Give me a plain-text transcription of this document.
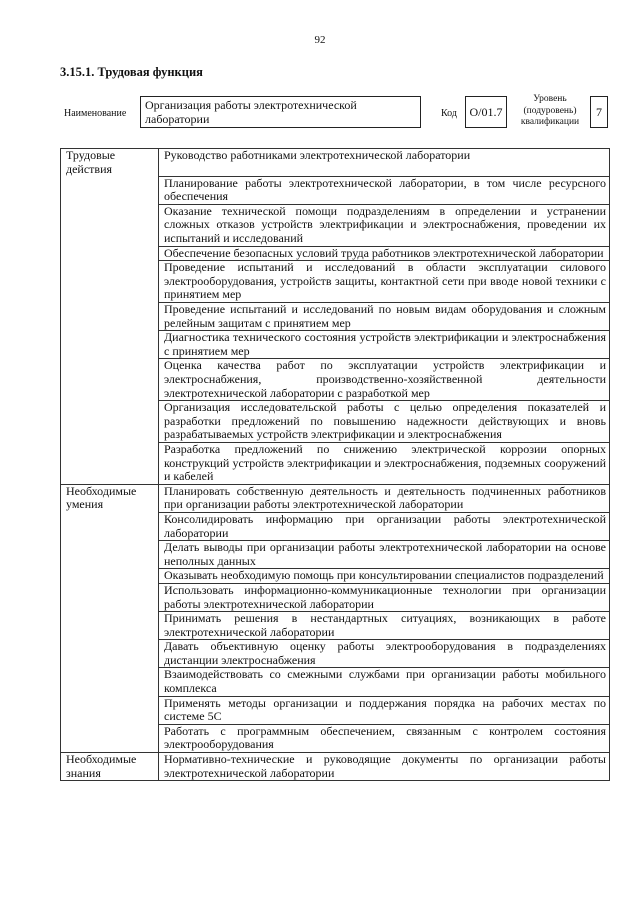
92
3.15.1. Трудовая функция
Наименование
Организация работы электротехнической лаборатории	Код	О/01.7
Уровень (подуровень) квалификации
7
Трудовые действия	Руководство работниками электротехнической лаборатории
	Планирование работы электротехнической лаборатории, в том числе ресурсного обеспечения
	Оказание технической помощи подразделениям в определении и устранении сложных отказов устройств электрификации и электроснабжения, проведении их испытаний и исследований
	Обеспечение безопасных условий труда работников электротехнической лаборатории
	Проведение испытаний и исследований в области эксплуатации силового электрооборудования, устройств защиты, контактной сети при вводе новой техники с принятием мер
	Проведение испытаний и исследований по новым видам оборудования и сложным релейным защитам с принятием мер
	Диагностика технического состояния устройств электрификации и электроснабжения с принятием мер
	Оценка качества работ по эксплуатации устройств электрификации и электроснабжения, производственно-хозяйственной деятельности электротехнической лаборатории с разработкой мер
	Организация исследовательской работы с целью определения показателей и разработки предложений по повышению надежности действующих и вновь разрабатываемых устройств электрификации и электроснабжения
	Разработка предложений по снижению электрической коррозии опорных конструкций устройств электрификации и электроснабжения, подземных сооружений и кабелей
Необходимые умения	Планировать собственную деятельность и деятельность подчиненных работников при организации работы электротехнической лаборатории
	Консолидировать информацию при организации работы электротехнической лаборатории
	Делать выводы при организации работы электротехнической лаборатории на основе неполных данных
	Оказывать необходимую помощь при консультировании специалистов подразделений
	Использовать информационно-коммуникационные технологии при организации работы электротехнической лаборатории
	Принимать решения в нестандартных ситуациях, возникающих в работе электротехнической лаборатории
	Давать объективную оценку работы электрооборудования в подразделениях дистанции электроснабжения
	Взаимодействовать со смежными службами при организации работы мобильного комплекса
	Применять методы организации и поддержания порядка на рабочих местах по системе 5С
	Работать с программным обеспечением, связанным с контролем состояния электрооборудования
Необходимые знания	Нормативно-технические и руководящие документы по организации работы электротехнической лаборатории
